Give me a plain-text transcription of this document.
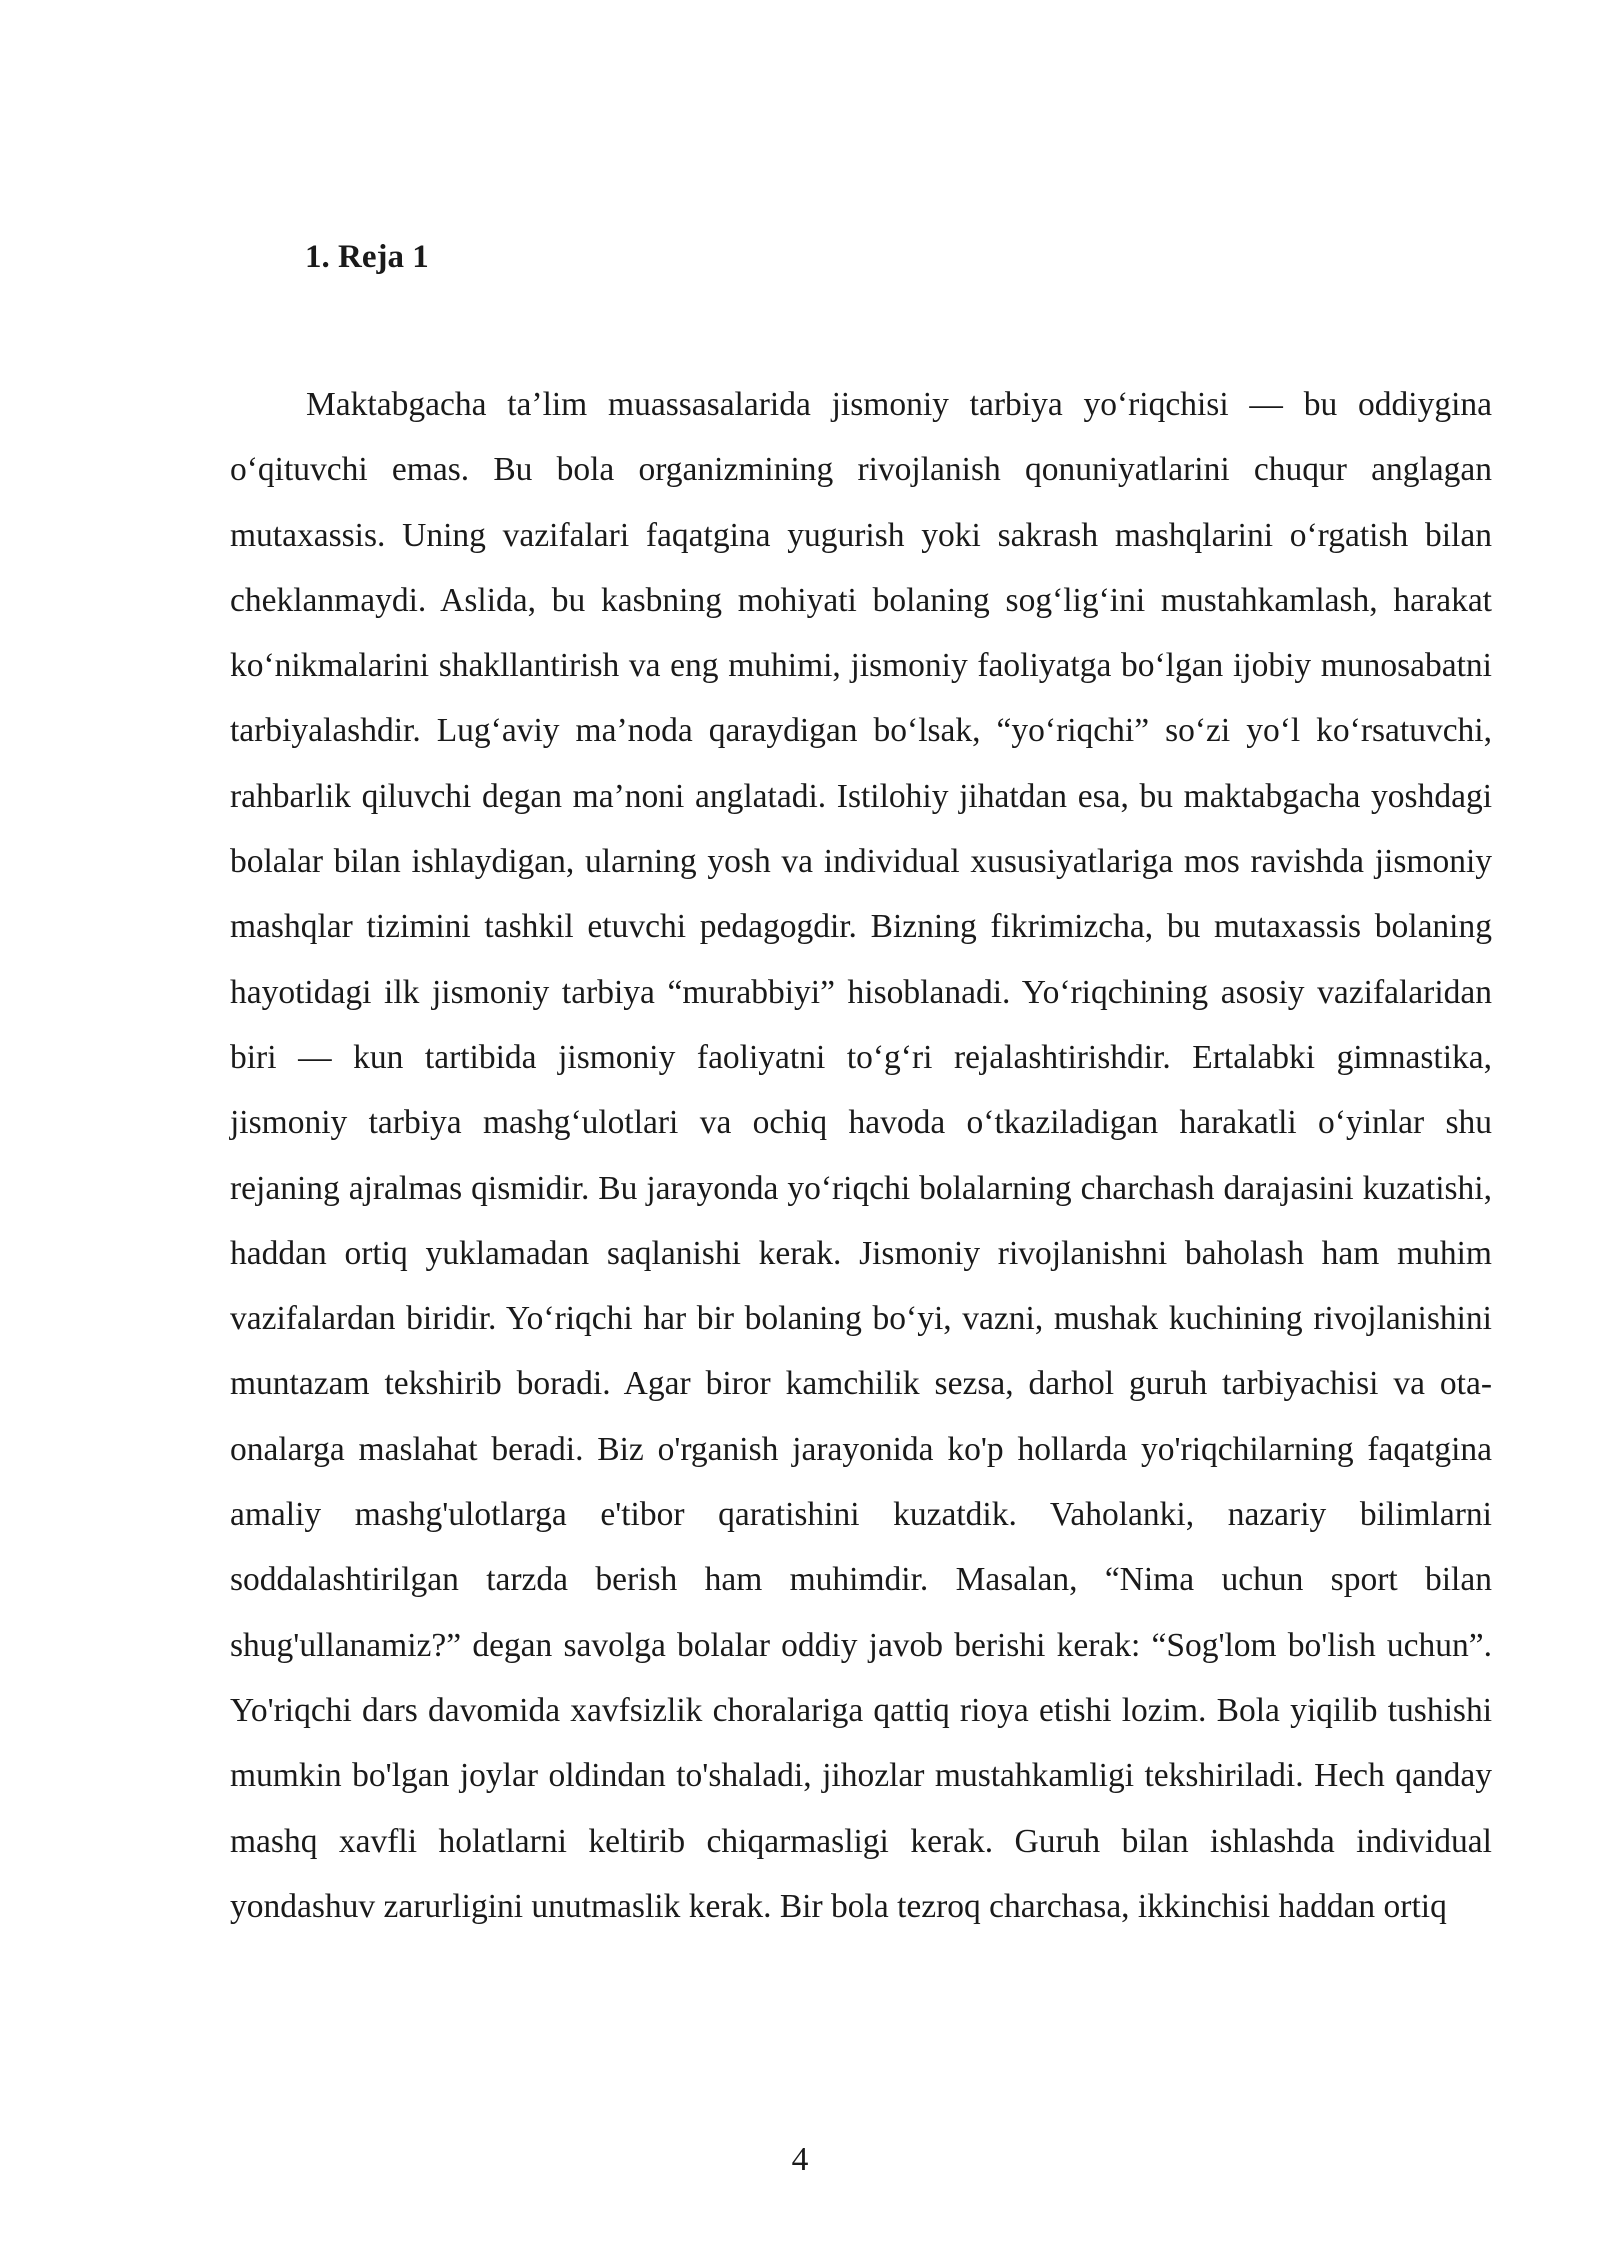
1. Reja 1

Maktabgacha ta’lim muassasalarida jismoniy tarbiya yo‘riqchisi — bu oddiygina o‘qituvchi emas. Bu bola organizmining rivojlanish qonuniyatlarini chuqur anglagan mutaxassis. Uning vazifalari faqatgina yugurish yoki sakrash mashqlarini o‘rgatish bilan cheklanmaydi. Aslida, bu kasbning mohiyati bolaning sog‘lig‘ini mustahkamlash, harakat ko‘nikmalarini shakllantirish va eng muhimi, jismoniy faoliyatga bo‘lgan ijobiy munosabatni tarbiyalashdir. Lug‘aviy ma’noda qaraydigan bo‘lsak, “yo‘riqchi” so‘zi yo‘l ko‘rsatuvchi, rahbarlik qiluvchi degan ma’noni anglatadi. Istilohiy jihatdan esa, bu maktabgacha yoshdagi bolalar bilan ishlaydigan, ularning yosh va individual xususiyatlariga mos ravishda jismoniy mashqlar tizimini tashkil etuvchi pedagogdir. Bizning fikrimizcha, bu mutaxassis bolaning hayotidagi ilk jismoniy tarbiya “murabbiyi” hisoblanadi. Yo‘riqchining asosiy vazifalaridan biri — kun tartibida jismoniy faoliyatni to‘g‘ri rejalashtirishdir. Ertalabki gimnastika, jismoniy tarbiya mashg‘ulotlari va ochiq havoda o‘tkaziladigan harakatli o‘yinlar shu rejaning ajralmas qismidir. Bu jarayonda yo‘riqchi bolalarning charchash darajasini kuzatishi, haddan ortiq yuklamadan saqlanishi kerak. Jismoniy rivojlanishni baholash ham muhim vazifalardan biridir. Yo‘riqchi har bir bolaning bo‘yi, vazni, mushak kuchining rivojlanishini muntazam tekshirib boradi. Agar biror kamchilik sezsa, darhol guruh tarbiyachisi va ota-onalarga maslahat beradi. Biz o'rganish jarayonida ko'p hollarda yo'riqchilarning faqatgina amaliy mashg'ulotlarga e'tibor qaratishini kuzatdik. Vaholanki, nazariy bilimlarni soddalashtirilgan tarzda berish ham muhimdir. Masalan, “Nima uchun sport bilan shug'ullanamiz?” degan savolga bolalar oddiy javob berishi kerak: “Sog'lom bo'lish uchun”. Yo'riqchi dars davomida xavfsizlik choralariga qattiq rioya etishi lozim. Bola yiqilib tushishi mumkin bo'lgan joylar oldindan to'shaladi, jihozlar mustahkamligi tekshiriladi. Hech qanday mashq xavfli holatlarni keltirib chiqarmasligi kerak. Guruh bilan ishlashda individual yondashuv zarurligini unutmaslik kerak. Bir bola tezroq charchasa, ikkinchisi haddan ortiq

4
